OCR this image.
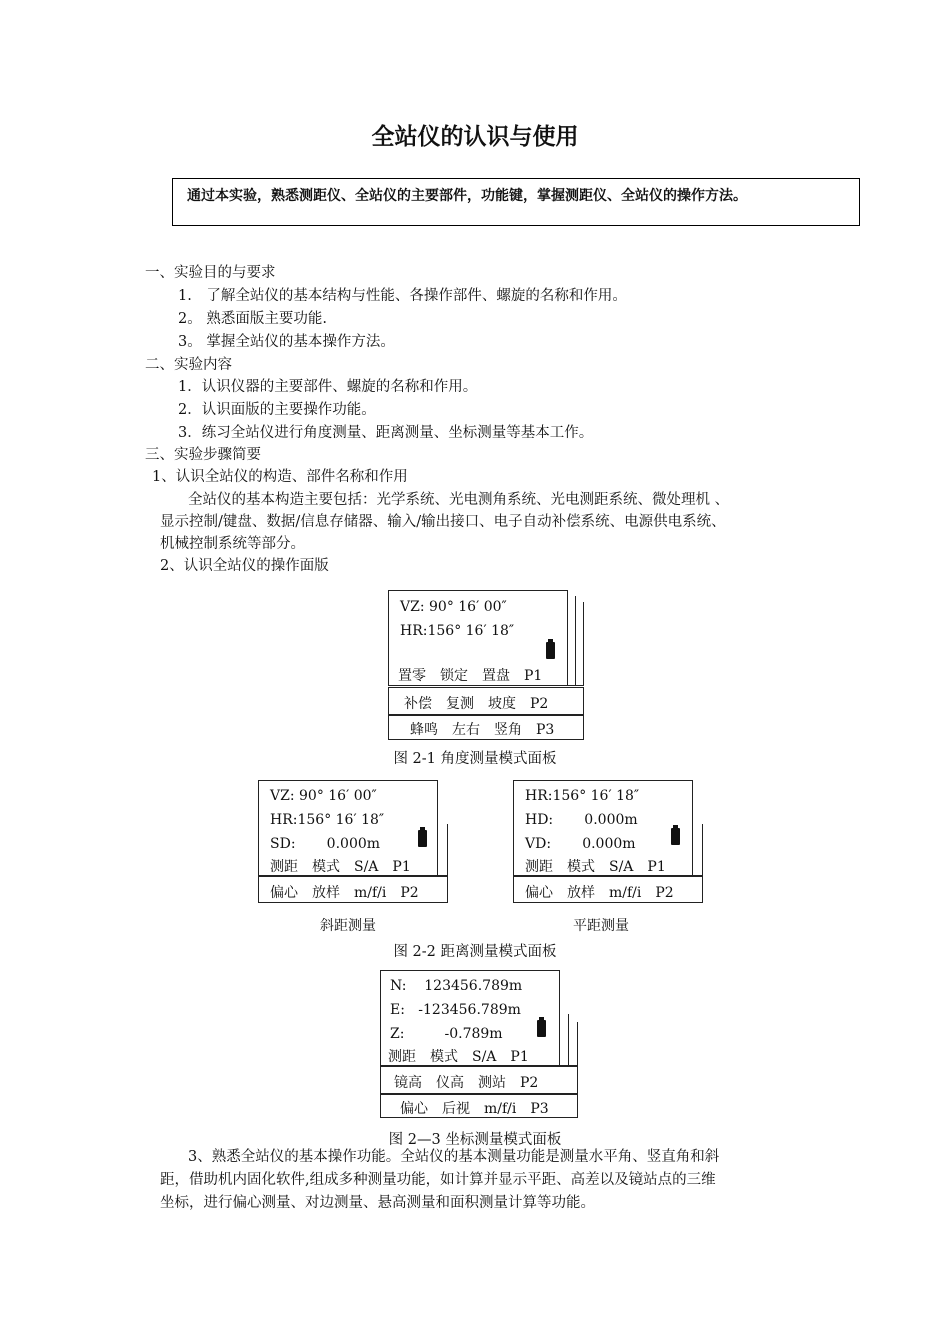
全站仪的认识与使用
通过本实验，熟悉测距仪、全站仪的主要部件，功能键，掌握测距仪、全站仪的操作方法。
一、实验目的与要求
1.　了解全站仪的基本结构与性能、各操作部件、螺旋的名称和作用。
2。 熟悉面版主要功能.
3。 掌握全站仪的基本操作方法。
二、实验内容
1．认识仪器的主要部件、螺旋的名称和作用。
2．认识面版的主要操作功能。
3．练习全站仪进行角度测量、距离测量、坐标测量等基本工作。
三、实验步骤简要
1、认识全站仪的构造、部件名称和作用
全站仪的基本构造主要包括：光学系统、光电测角系统、光电测距系统、微处理机 、
显示控制/键盘、数据/信息存储器、输入/输出接口、电子自动补偿系统、电源供电系统、
机械控制系统等部分。
2、认识全站仪的操作面版
VZ: 90° 16′ 00″
HR:156° 16′ 18″
置零　锁定　置盘　P1
补偿　复测　坡度　P2
蜂鸣　左右　竖角　P3
图 2-1 角度测量模式面板
VZ: 90° 16′ 00″
HR:156° 16′ 18″
SD:       0.000m
测距　模式　S/A　P1
偏心　放样　m/f/i　P2
斜距测量
HR:156° 16′ 18″
HD:       0.000m
VD:       0.000m
测距　模式　S/A　P1
偏心　放样　m/f/i　P2
平距测量
图 2-2 距离测量模式面板
N:    123456.789m
E:   -123456.789m
Z:         -0.789m
测距　模式　S/A　P1
镜高　仪高　测站　P2
偏心　后视　m/f/i　P3
图 2—3 坐标测量模式面板
3、熟悉全站仪的基本操作功能。全站仪的基本测量功能是测量水平角、竖直角和斜
距，借助机内固化软件,组成多种测量功能，如计算并显示平距、高差以及镜站点的三维
坐标，进行偏心测量、对边测量、悬高测量和面积测量计算等功能。
